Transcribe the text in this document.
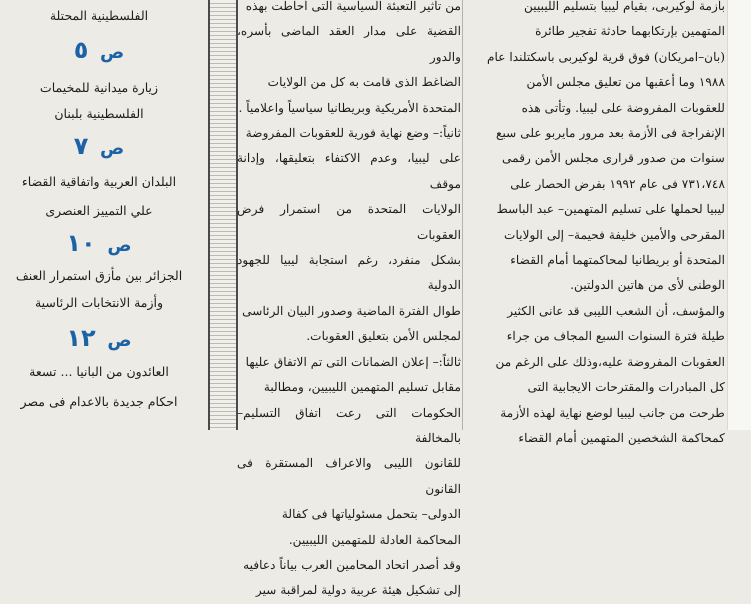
الفلسطينية المحتلة
ص ٥
زيارة ميدانية للمخيمات
الفلسطينية بلبنان
ص ٧
البلدان العربية واتفاقية القضاء
علي التمييز العنصرى
ص ١٠
الجزائر بين مأزق استمرار العنف
وأزمة الانتخابات الرئاسية
ص ١٢
العائدون من البانيا ... تسعة
احكام جديدة بالاعدام فى مصر

من تأثير التعبئة السياسية التى أحاطت بهذه

القضية على مدار العقد الماضى بأسره، والدور

الضاغط الذى قامت به كل من الولايات

المتحدة الأمريكية وبريطانيا سياسياً واعلامياً .

ثانياً:– وضع نهاية فورية للعقوبات المفروضة

على ليبيا، وعدم الاكتفاء بتعليقها، وإدانة موقف

الولايات المتحدة من استمرار فرض العقوبات

بشكل منفرد، رغم استجابة ليبيا للجهود الدولية

طوال الفترة الماضية وصدور البيان الرئاسى

لمجلس الأمن بتعليق العقوبات.

ثالثاً:– إعلان الضمانات التى تم الاتفاق عليها

مقابل تسليم المتهمين الليبيين، ومطالبة

الحكومات التى رعت اتفاق التسليم– بالمخالفة

للقانون الليبى والاعراف المستقرة فى القانون

الدولى– بتحمل مسئولياتها فى كفالة

المحاكمة العادلة للمتهمين الليبيين.

وقد أصدر اتحاد المحامين العرب بياناً دعافيه

إلى تشكيل هيئة عربية دولية لمراقبة سير

بأزمة لوكيربى، بقيام ليبيا بتسليم الليبيين

المتهمين بإرتكابهما حادثة تفجير طائرة

(بان–امريكان) فوق قرية لوكيربى باسكتلندا عام

١٩٨٨ وما أعقبها من تعليق مجلس الأمن

للعقوبات المفروضة على ليبيا. وتأتى هذه

الإنفراجة فى الأزمة بعد مرور مايربو على سبع

سنوات من صدور قرارى مجلس الأمن رقمى

٧٣١،٧٤٨ فى عام ١٩٩٢ بفرض الحصار على

ليبيا لحملها على تسليم المتهمين– عبد الباسط

المقرحى والأمين خليفة فحيمة– إلى الولايات

المتحدة أو بريطانيا لمحاكمتهما أمام القضاء

الوطنى لأى من هاتين الدولتين.

والمؤسف، أن الشعب الليبى قد عانى الكثير

طيلة فترة السنوات السبع المجاف من جراء

العقوبات المفروضة عليه،وذلك على الرغم من

كل المبادرات والمقترحات الايجابية التى

طرحت من جانب ليبيا لوضع نهاية لهذه الأزمة

كمحاكمة الشخصين المتهمين أمام القضاء
